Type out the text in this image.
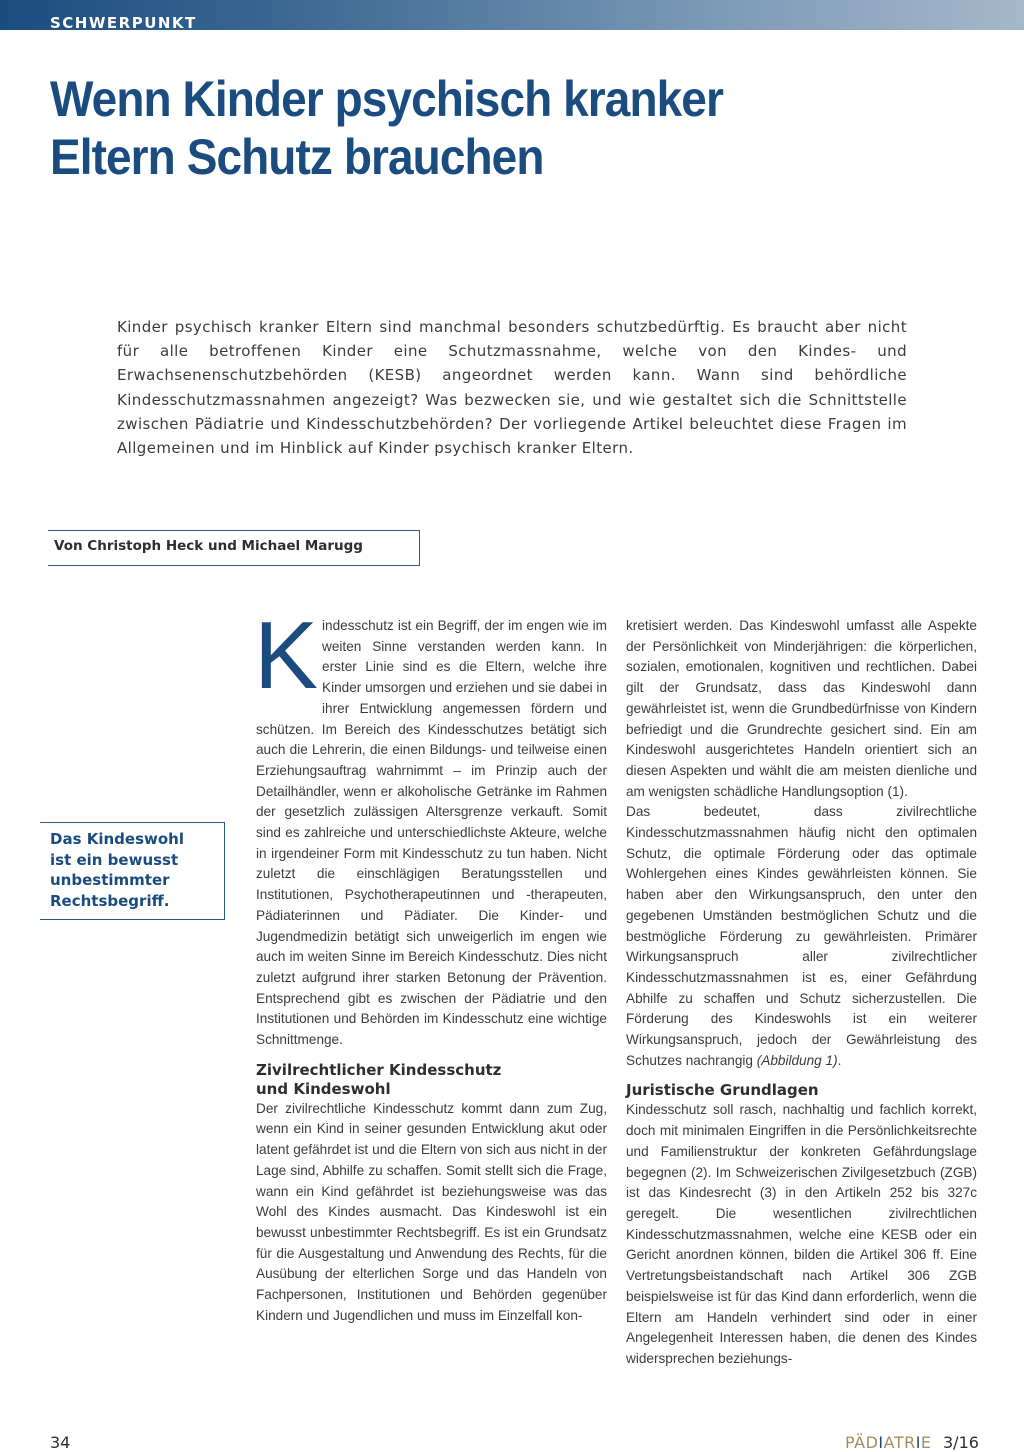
SCHWERPUNKT
Wenn Kinder psychisch kranker
Eltern Schutz brauchen

Kinder psychisch kranker Eltern sind manchmal besonders schutzbedürftig. Es braucht aber nicht für alle betroffenen Kinder eine Schutzmassnahme, welche von den Kindes- und Erwachsenenschutzbehörden (KESB) angeordnet werden kann. Wann sind behördliche Kindesschutzmassnahmen angezeigt? Was bezwecken sie, und wie gestaltet sich die Schnittstelle zwischen Pädiatrie und Kindesschutzbehörden? Der vorliegende Artikel beleuchtet diese Fragen im Allgemeinen und im Hinblick auf Kinder psychisch kranker Eltern.

Von Christoph Heck und Michael Marugg
Das Kindeswohl
ist ein bewusst
unbestimmter
Rechtsbegriff.

Kindesschutz ist ein Begriff, der im engen wie im weiten Sinne verstanden werden kann. In erster Linie sind es die Eltern, welche ihre Kinder umsorgen und erziehen und sie dabei in ihrer Entwicklung angemessen fördern und schützen. Im Bereich des Kindesschutzes betätigt sich auch die Lehrerin, die einen Bildungs- und teilweise einen Erziehungsauftrag wahrnimmt – im Prinzip auch der Detailhändler, wenn er alkoholische Getränke im Rahmen der gesetzlich zulässigen Altersgrenze verkauft. Somit sind es zahlreiche und unterschiedlichste Akteure, welche in irgendeiner Form mit Kindesschutz zu tun haben. Nicht zuletzt die einschlägigen Beratungsstellen und Institutionen, Psychotherapeutinnen und -therapeuten, Pädiaterinnen und Pädiater. Die Kinder- und Jugendmedizin betätigt sich unweigerlich im engen wie auch im weiten Sinne im Bereich Kindesschutz. Dies nicht zuletzt aufgrund ihrer starken Betonung der Prävention. Entsprechend gibt es zwischen der Pädiatrie und den Institutionen und Behörden im Kindesschutz eine wichtige Schnittmenge.

Zivilrechtlicher Kindesschutz
und Kindeswohl

Der zivilrechtliche Kindesschutz kommt dann zum Zug, wenn ein Kind in seiner gesunden Entwicklung akut oder latent gefährdet ist und die Eltern von sich aus nicht in der Lage sind, Abhilfe zu schaffen. Somit stellt sich die Frage, wann ein Kind gefährdet ist beziehungsweise was das Wohl des Kindes ausmacht. Das Kindeswohl ist ein bewusst unbestimmter Rechtsbegriff. Es ist ein Grundsatz für die Ausgestaltung und Anwendung des Rechts, für die Ausübung der elterlichen Sorge und das Handeln von Fachpersonen, Institutionen und Behörden gegenüber Kindern und Jugendlichen und muss im Einzelfall kon-

kretisiert werden. Das Kindeswohl umfasst alle Aspekte der Persönlichkeit von Minderjährigen: die körperlichen, sozialen, emotionalen, kognitiven und rechtlichen. Dabei gilt der Grundsatz, dass das Kindeswohl dann gewährleistet ist, wenn die Grundbedürfnisse von Kindern befriedigt und die Grundrechte gesichert sind. Ein am Kindeswohl ausgerichtetes Handeln orientiert sich an diesen Aspekten und wählt die am meisten dienliche und am wenigsten schädliche Handlungsoption (1).

Das bedeutet, dass zivilrechtliche Kindesschutzmassnahmen häufig nicht den optimalen Schutz, die optimale Förderung oder das optimale Wohlergehen eines Kindes gewährleisten können. Sie haben aber den Wirkungsanspruch, den unter den gegebenen Umständen bestmöglichen Schutz und die bestmögliche Förderung zu gewährleisten. Primärer Wirkungsanspruch aller zivilrechtlicher Kindesschutzmassnahmen ist es, einer Gefährdung Abhilfe zu schaffen und Schutz sicherzustellen. Die Förderung des Kindeswohls ist ein weiterer Wirkungsanspruch, jedoch der Gewährleistung des Schutzes nachrangig (Abbildung 1).

Juristische Grundlagen

Kindesschutz soll rasch, nachhaltig und fachlich korrekt, doch mit minimalen Eingriffen in die Persönlichkeitsrechte und Familienstruktur der konkreten Gefährdungslage begegnen (2). Im Schweizerischen Zivilgesetzbuch (ZGB) ist das Kindesrecht (3) in den Artikeln 252 bis 327c geregelt. Die wesentlichen zivilrechtlichen Kindesschutzmassnahmen, welche eine KESB oder ein Gericht anordnen können, bilden die Artikel 306 ff. Eine Vertretungsbeistandschaft nach Artikel 306 ZGB beispielsweise ist für das Kind dann erforderlich, wenn die Eltern am Handeln verhindert sind oder in einer Angelegenheit Interessen haben, die denen des Kindes widersprechen beziehungs-

34	PÄDIATRIE 3/16
